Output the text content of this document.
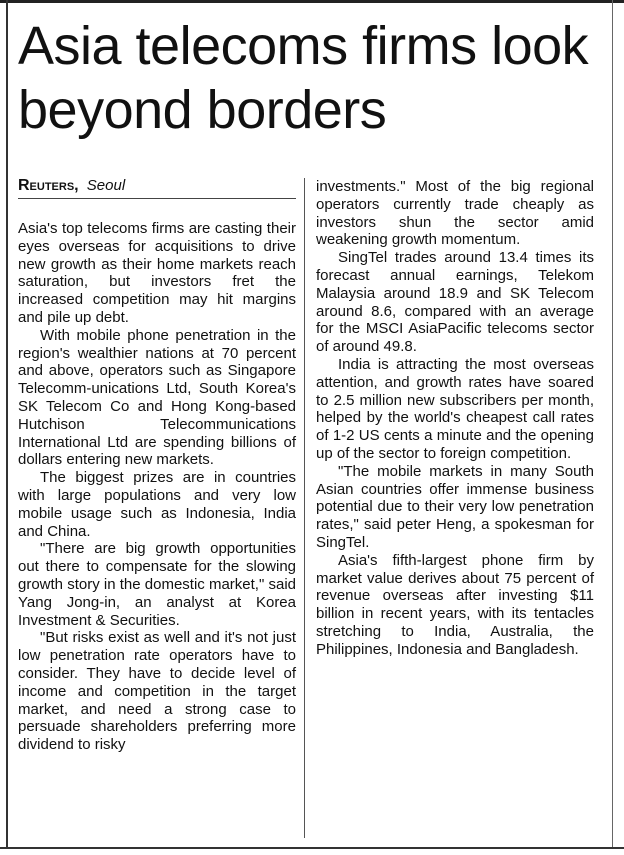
Asia telecoms firms look beyond borders
Reuters, Seoul

Asia's top telecoms firms are casting their eyes overseas for acquisitions to drive new growth as their home markets reach saturation, but investors fret the increased competition may hit margins and pile up debt.

With mobile phone penetration in the region's wealthier nations at 70 percent and above, operators such as Singapore Telecomm-unications Ltd, South Korea's SK Telecom Co and Hong Kong-based Hutchison Telecommunications International Ltd are spending billions of dollars entering new markets.

The biggest prizes are in countries with large populations and very low mobile usage such as Indonesia, India and China.

"There are big growth opportunities out there to compensate for the slowing growth story in the domestic market," said Yang Jong-in, an analyst at Korea Investment & Securities.

"But risks exist as well and it's not just low penetration rate operators have to consider. They have to decide level of income and competition in the target market, and need a strong case to persuade shareholders preferring more dividend to risky

investments." Most of the big regional operators currently trade cheaply as investors shun the sector amid weakening growth momentum.

SingTel trades around 13.4 times its forecast annual earnings, Telekom Malaysia around 18.9 and SK Telecom around 8.6, compared with an average for the MSCI AsiaPacific telecoms sector of around 49.8.

India is attracting the most overseas attention, and growth rates have soared to 2.5 million new subscribers per month, helped by the world's cheapest call rates of 1-2 US cents a minute and the opening up of the sector to foreign competition.

"The mobile markets in many South Asian countries offer immense business potential due to their very low penetration rates," said peter Heng, a spokesman for SingTel.

Asia's fifth-largest phone firm by market value derives about 75 percent of revenue overseas after investing $11 billion in recent years, with its tentacles stretching to India, Australia, the Philippines, Indonesia and Bangladesh.
